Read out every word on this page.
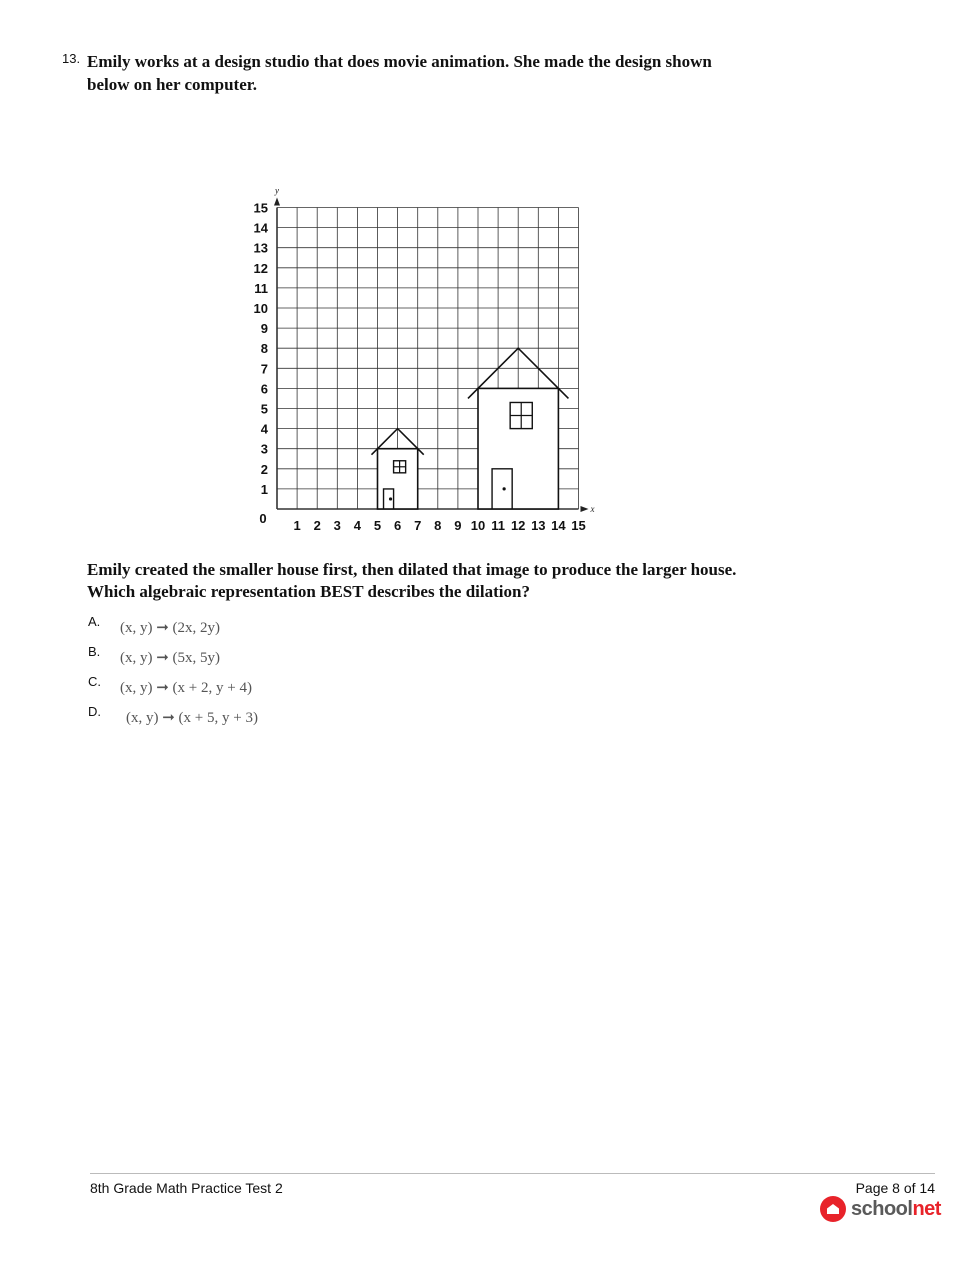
13. Emily works at a design studio that does movie animation. She made the design shown
below on her computer.
y
x
0 1 2 3 4 5 6 7 8 9 10 11 12 13 14 15
1
2
3
4
5
6
7
8
9
10
11
12
13
14
15
Emily created the smaller house first, then dilated that image to produce the larger house.
Which algebraic representation BEST describes the dilation?
A. (x, y) ➞ (2x, 2y)
B. (x, y) ➞ (5x, 5y)
C. (x, y) ➞ (x + 2, y + 4)
D. (x, y) ➞ (x + 5, y + 3)
8th Grade Math Practice Test 2	Page 8 of 14
schoolnet
